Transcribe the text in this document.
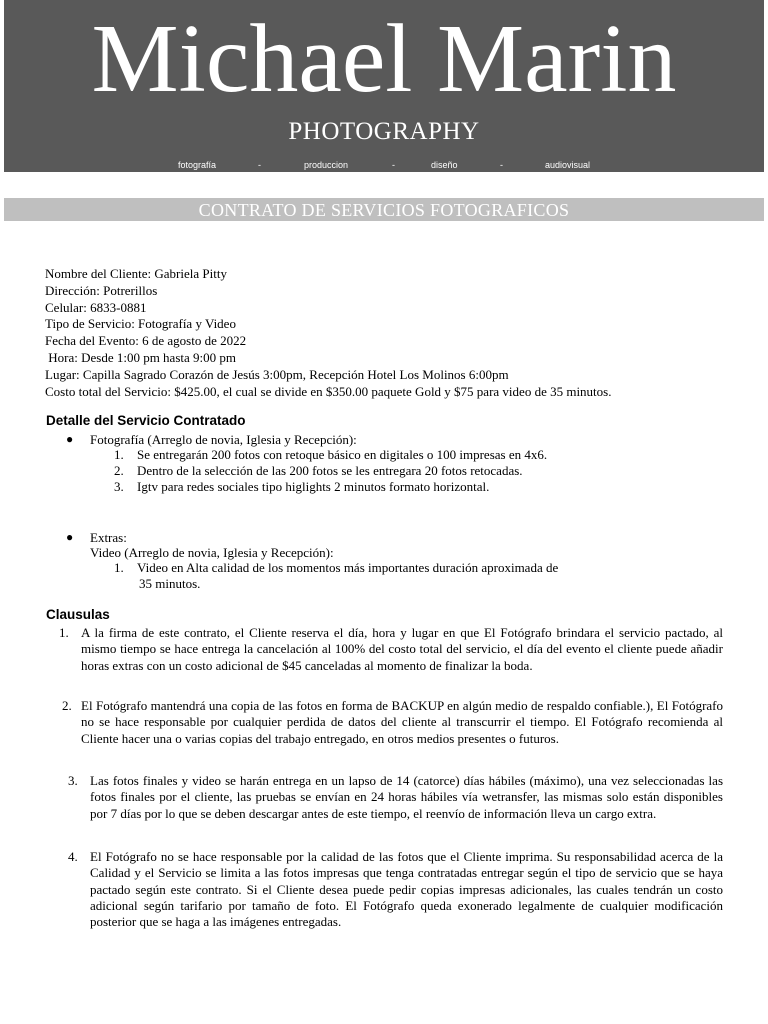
Michael Marin
PHOTOGRAPHY
fotografía	-	produccion	-	diseño	-	audiovisual
CONTRATO DE SERVICIOS FOTOGRAFICOS
Nombre del Cliente: Gabriela Pitty
Dirección: Potrerillos
Celular: 6833-0881
Tipo de Servicio: Fotografía y Video
Fecha del Evento: 6 de agosto de 2022
Hora: Desde 1:00 pm hasta 9:00 pm
Lugar: Capilla Sagrado Corazón de Jesús 3:00pm, Recepción Hotel Los Molinos 6:00pm
Costo total del Servicio: $425.00, el cual se divide en $350.00 paquete Gold y $75 para video de 35 minutos.
Detalle del Servicio Contratado
● Fotografía (Arreglo de novia, Iglesia y Recepción):
1. Se entregarán 200 fotos con retoque básico en digitales o 100 impresas en 4x6.
2. Dentro de la selección de las 200 fotos se les entregara 20 fotos retocadas.
3. Igtv para redes sociales tipo higlights 2 minutos formato horizontal.
● Extras:
Video (Arreglo de novia, Iglesia y Recepción):
1. Video en Alta calidad de los momentos más importantes duración aproximada de
35 minutos.
Clausulas
1. A la firma de este contrato, el Cliente reserva el día, hora y lugar en que El Fotógrafo brindara el servicio pactado, al mismo tiempo se hace entrega la cancelación al 100% del costo total del servicio, el día del evento el cliente puede añadir horas extras con un costo adicional de $45 canceladas al momento de finalizar la boda.
2. El Fotógrafo mantendrá una copia de las fotos en forma de BACKUP en algún medio de respaldo confiable.), El Fotógrafo no se hace responsable por cualquier perdida de datos del cliente al transcurrir el tiempo. El Fotógrafo recomienda al Cliente hacer una o varias copias del trabajo entregado, en otros medios presentes o futuros.
3. Las fotos finales y video se harán entrega en un lapso de 14 (catorce) días hábiles (máximo), una vez seleccionadas las fotos finales por el cliente, las pruebas se envían en 24 horas hábiles vía wetransfer, las mismas solo están disponibles por 7 días por lo que se deben descargar antes de este tiempo, el reenvío de información lleva un cargo extra.
4. El Fotógrafo no se hace responsable por la calidad de las fotos que el Cliente imprima. Su responsabilidad acerca de la Calidad y el Servicio se limita a las fotos impresas que tenga contratadas entregar según el tipo de servicio que se haya pactado según este contrato. Si el Cliente desea puede pedir copias impresas adicionales, las cuales tendrán un costo adicional según tarifario por tamaño de foto. El Fotógrafo queda exonerado legalmente de cualquier modificación posterior que se haga a las imágenes entregadas.
